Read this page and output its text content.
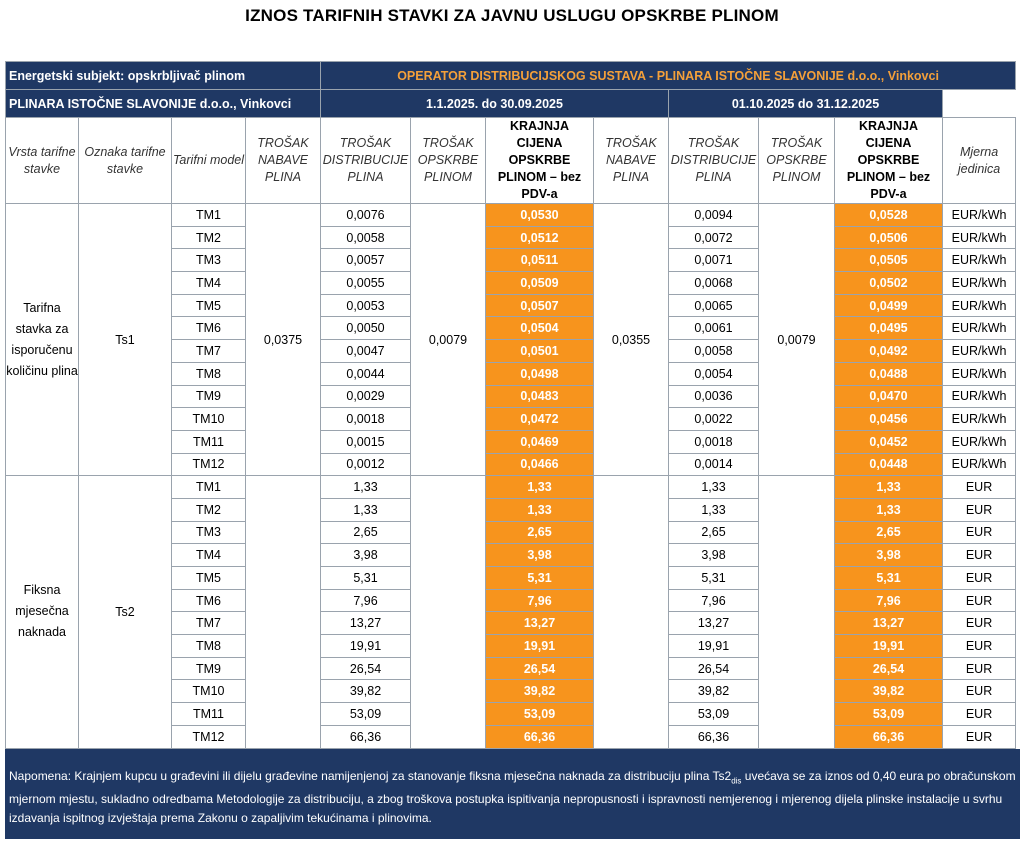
IZNOS TARIFNIH STAVKI ZA JAVNU USLUGU OPSKRBE PLINOM
Energetski subjekt: opskrbljivač plinom				OPERATOR DISTRIBUCIJSKOG SUSTAVA - PLINARA ISTOČNE SLAVONIJE d.o.o., Vinkovci							
PLINARA ISTOČNE SLAVONIJE d.o.o., Vinkovci				1.1.2025. do 30.09.2025				01.10.2025 do 31.12.2025			
Vrsta tarifne stavke	Oznaka tarifne stavke	Tarifni model	TROŠAK NABAVE PLINA	TROŠAK DISTRIBUCIJE PLINA	TROŠAK OPSKRBE PLINOM	KRAJNJA CIJENA OPSKRBE PLINOM – bez PDV-a	TROŠAK NABAVE PLINA	TROŠAK DISTRIBUCIJE PLINA	TROŠAK OPSKRBE PLINOM	KRAJNJA CIJENA OPSKRBE PLINOM – bez PDV-a	Mjerna jedinica
Tarifna stavka za isporučenu količinu plina	Ts1	TM1	0,0375	0,0076	0,0079	0,0530	0,0355	0,0094	0,0079	0,0528	EUR/kWh
		TM2		0,0058		0,0512		0,0072		0,0506	EUR/kWh
		TM3		0,0057		0,0511		0,0071		0,0505	EUR/kWh
		TM4		0,0055		0,0509		0,0068		0,0502	EUR/kWh
		TM5		0,0053		0,0507		0,0065		0,0499	EUR/kWh
		TM6		0,0050		0,0504		0,0061		0,0495	EUR/kWh
		TM7		0,0047		0,0501		0,0058		0,0492	EUR/kWh
		TM8		0,0044		0,0498		0,0054		0,0488	EUR/kWh
		TM9		0,0029		0,0483		0,0036		0,0470	EUR/kWh
		TM10		0,0018		0,0472		0,0022		0,0456	EUR/kWh
		TM11		0,0015		0,0469		0,0018		0,0452	EUR/kWh
		TM12		0,0012		0,0466		0,0014		0,0448	EUR/kWh
Fiksna mjesečna naknada	Ts2	TM1		1,33		1,33		1,33		1,33	EUR
		TM2		1,33		1,33		1,33		1,33	EUR
		TM3		2,65		2,65		2,65		2,65	EUR
		TM4		3,98		3,98		3,98		3,98	EUR
		TM5		5,31		5,31		5,31		5,31	EUR
		TM6		7,96		7,96		7,96		7,96	EUR
		TM7		13,27		13,27		13,27		13,27	EUR
		TM8		19,91		19,91		19,91		19,91	EUR
		TM9		26,54		26,54		26,54		26,54	EUR
		TM10		39,82		39,82		39,82		39,82	EUR
		TM11		53,09		53,09		53,09		53,09	EUR
		TM12		66,36		66,36		66,36		66,36	EUR
Napomena: Krajnjem kupcu u građevini ili dijelu građevine namijenjenoj za stanovanje fiksna mjesečna naknada za distribuciju plina $Ts2_{dis}$ uvećava se za iznos od 0,40 eura po obračunskom mjernom mjestu, sukladno odredbama Metodologije za distribuciju, a zbog troškova postupka ispitivanja nepropusnosti i ispravnosti nemjerenog i mjerenog dijela plinske instalacije u svrhu izdavanja ispitnog izvještaja prema Zakonu o zapaljivim tekućinama i plinovima.
